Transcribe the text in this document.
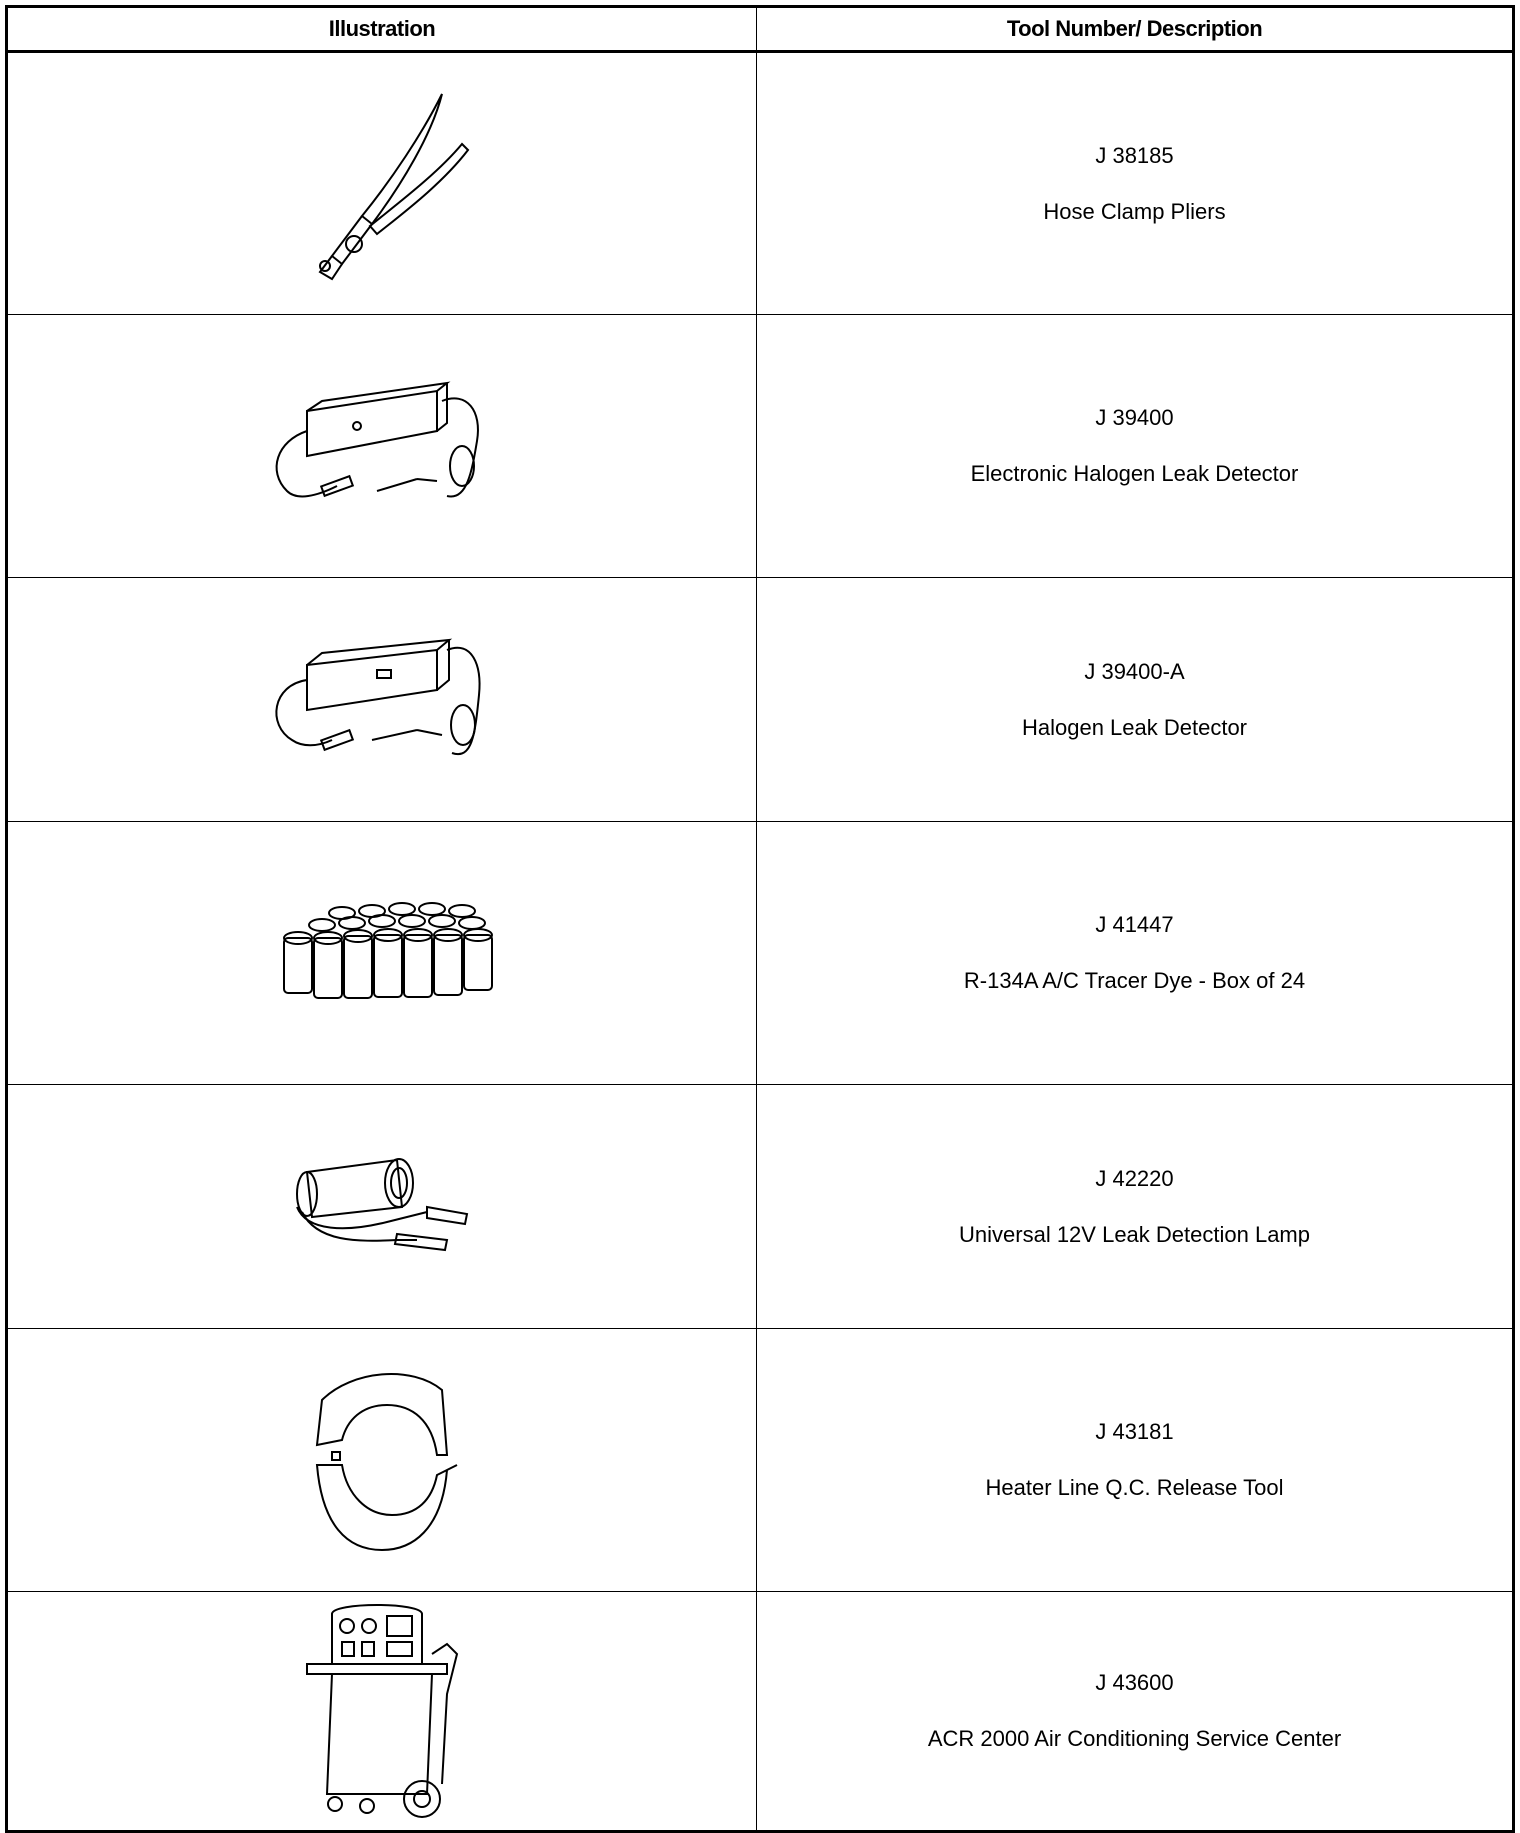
Illustration	Tool Number/ Description

J 38185
Hose Clamp Pliers

J 39400
Electronic Halogen Leak Detector

J 39400-A
Halogen Leak Detector

J 41447
R-134A A/C Tracer Dye - Box of 24

J 42220
Universal 12V Leak Detection Lamp

J 43181
Heater Line Q.C. Release Tool

J 43600
ACR 2000 Air Conditioning Service Center
